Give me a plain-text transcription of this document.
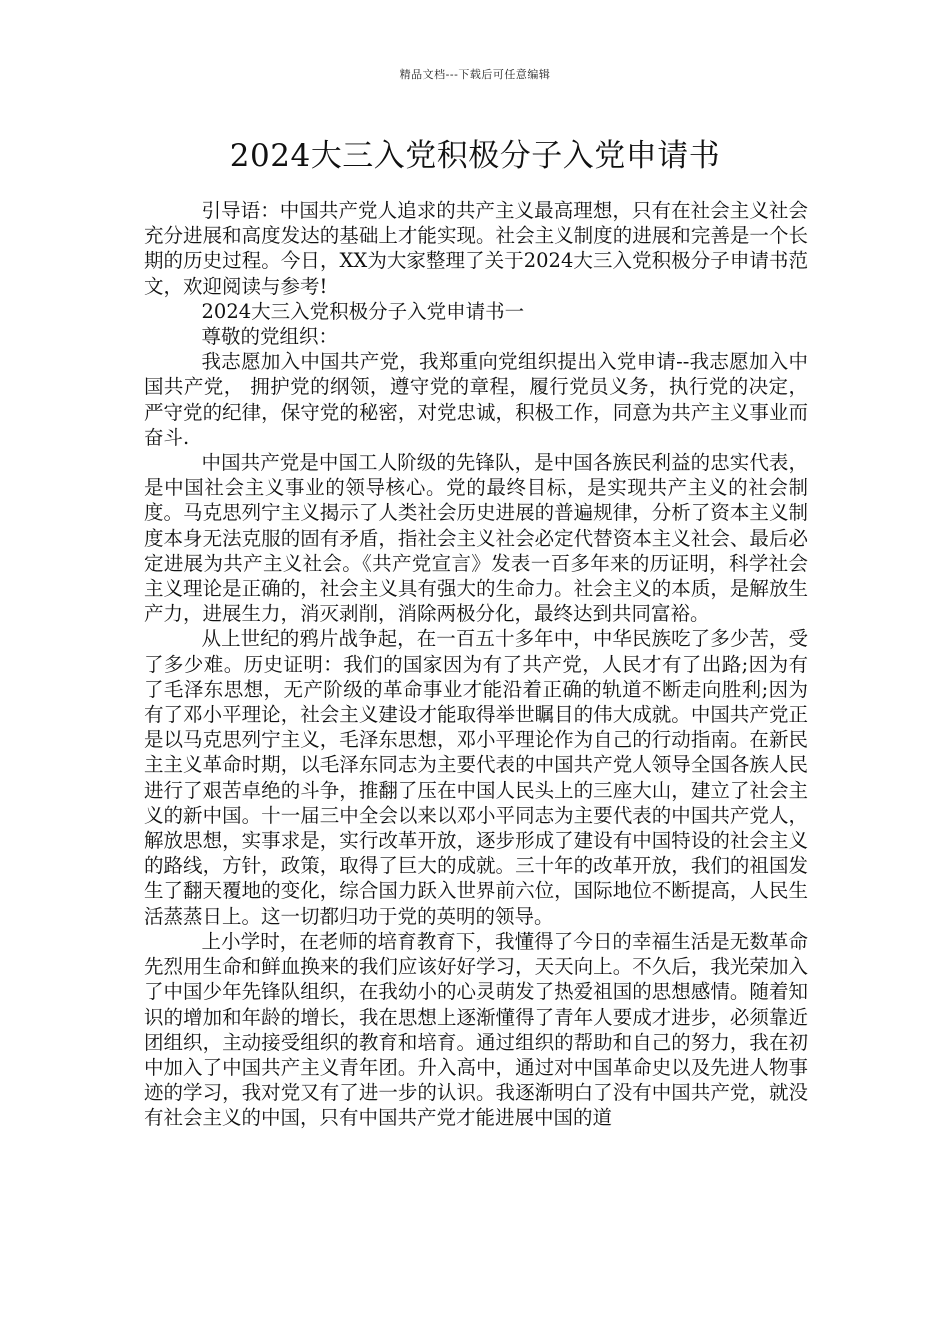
精品文档---下载后可任意编辑
2024大三入党积极分子入党申请书

引导语：中国共产党人追求的共产主义最高理想，只有在社会主义社会充分进展和高度发达的基础上才能实现。社会主义制度的进展和完善是一个长期的历史过程。今日，XX为大家整理了关于2024大三入党积极分子申请书范文，欢迎阅读与参考!

2024大三入党积极分子入党申请书一

尊敬的党组织：

我志愿加入中国共产党，我郑重向党组织提出入党申请--我志愿加入中国共产党， 拥护党的纲领，遵守党的章程，履行党员义务，执行党的决定，严守党的纪律，保守党的秘密，对党忠诚，积极工作，同意为共产主义事业而奋斗.

中国共产党是中国工人阶级的先锋队，是中国各族民利益的忠实代表，是中国社会主义事业的领导核心。党的最终目标，是实现共产主义的社会制度。马克思列宁主义揭示了人类社会历史进展的普遍规律，分析了资本主义制度本身无法克服的固有矛盾，指社会主义社会必定代替资本主义社会、最后必定进展为共产主义社会。《共产党宣言》发表一百多年来的历证明，科学社会主义理论是正确的，社会主义具有强大的生命力。社会主义的本质，是解放生产力，进展生力，消灭剥削，消除两极分化，最终达到共同富裕。

从上世纪的鸦片战争起，在一百五十多年中，中华民族吃了多少苦，受了多少难。历史证明：我们的国家因为有了共产党，人民才有了出路;因为有了毛泽东思想，无产阶级的革命事业才能沿着正确的轨道不断走向胜利;因为有了邓小平理论，社会主义建设才能取得举世瞩目的伟大成就。中国共产党正是以马克思列宁主义，毛泽东思想，邓小平理论作为自己的行动指南。在新民主主义革命时期，以毛泽东同志为主要代表的中国共产党人领导全国各族人民进行了艰苦卓绝的斗争，推翻了压在中国人民头上的三座大山，建立了社会主义的新中国。十一届三中全会以来以邓小平同志为主要代表的中国共产党人，解放思想，实事求是，实行改革开放，逐步形成了建设有中国特设的社会主义的路线，方针，政策，取得了巨大的成就。三十年的改革开放，我们的祖国发生了翻天覆地的变化，综合国力跃入世界前六位，国际地位不断提高，人民生活蒸蒸日上。这一切都归功于党的英明的领导。

上小学时，在老师的培育教育下，我懂得了今日的幸福生活是无数革命先烈用生命和鲜血换来的我们应该好好学习，天天向上。不久后，我光荣加入了中国少年先锋队组织，在我幼小的心灵萌发了热爱祖国的思想感情。随着知识的增加和年龄的增长，我在思想上逐渐懂得了青年人要成才进步，必须靠近团组织，主动接受组织的教育和培育。通过组织的帮助和自己的努力，我在初中加入了中国共产主义青年团。升入高中，通过对中国革命史以及先进人物事迹的学习，我对党又有了进一步的认识。我逐渐明白了没有中国共产党，就没有社会主义的中国，只有中国共产党才能进展中国的道
